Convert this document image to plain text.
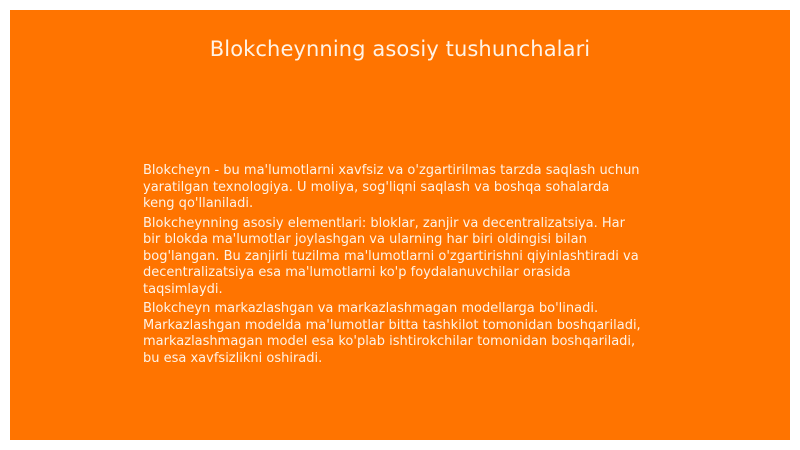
Blokcheynning asosiy tushunchalari

Blokcheyn - bu ma'lumotlarni xavfsiz va o'zgartirilmas tarzda saqlash uchun yaratilgan texnologiya. U moliya, sog'liqni saqlash va boshqa sohalarda keng qo'llaniladi.

Blokcheynning asosiy elementlari: bloklar, zanjir va decentralizatsiya. Har bir blokda ma'lumotlar joylashgan va ularning har biri oldingisi bilan bog'langan. Bu zanjirli tuzilma ma'lumotlarni o'zgartirishni qiyinlashtiradi va decentralizatsiya esa ma'lumotlarni ko'p foydalanuvchilar orasida taqsimlaydi.

Blokcheyn markazlashgan va markazlashmagan modellarga bo'linadi. Markazlashgan modelda ma'lumotlar bitta tashkilot tomonidan boshqariladi, markazlashmagan model esa ko'plab ishtirokchilar tomonidan boshqariladi, bu esa xavfsizlikni oshiradi.
